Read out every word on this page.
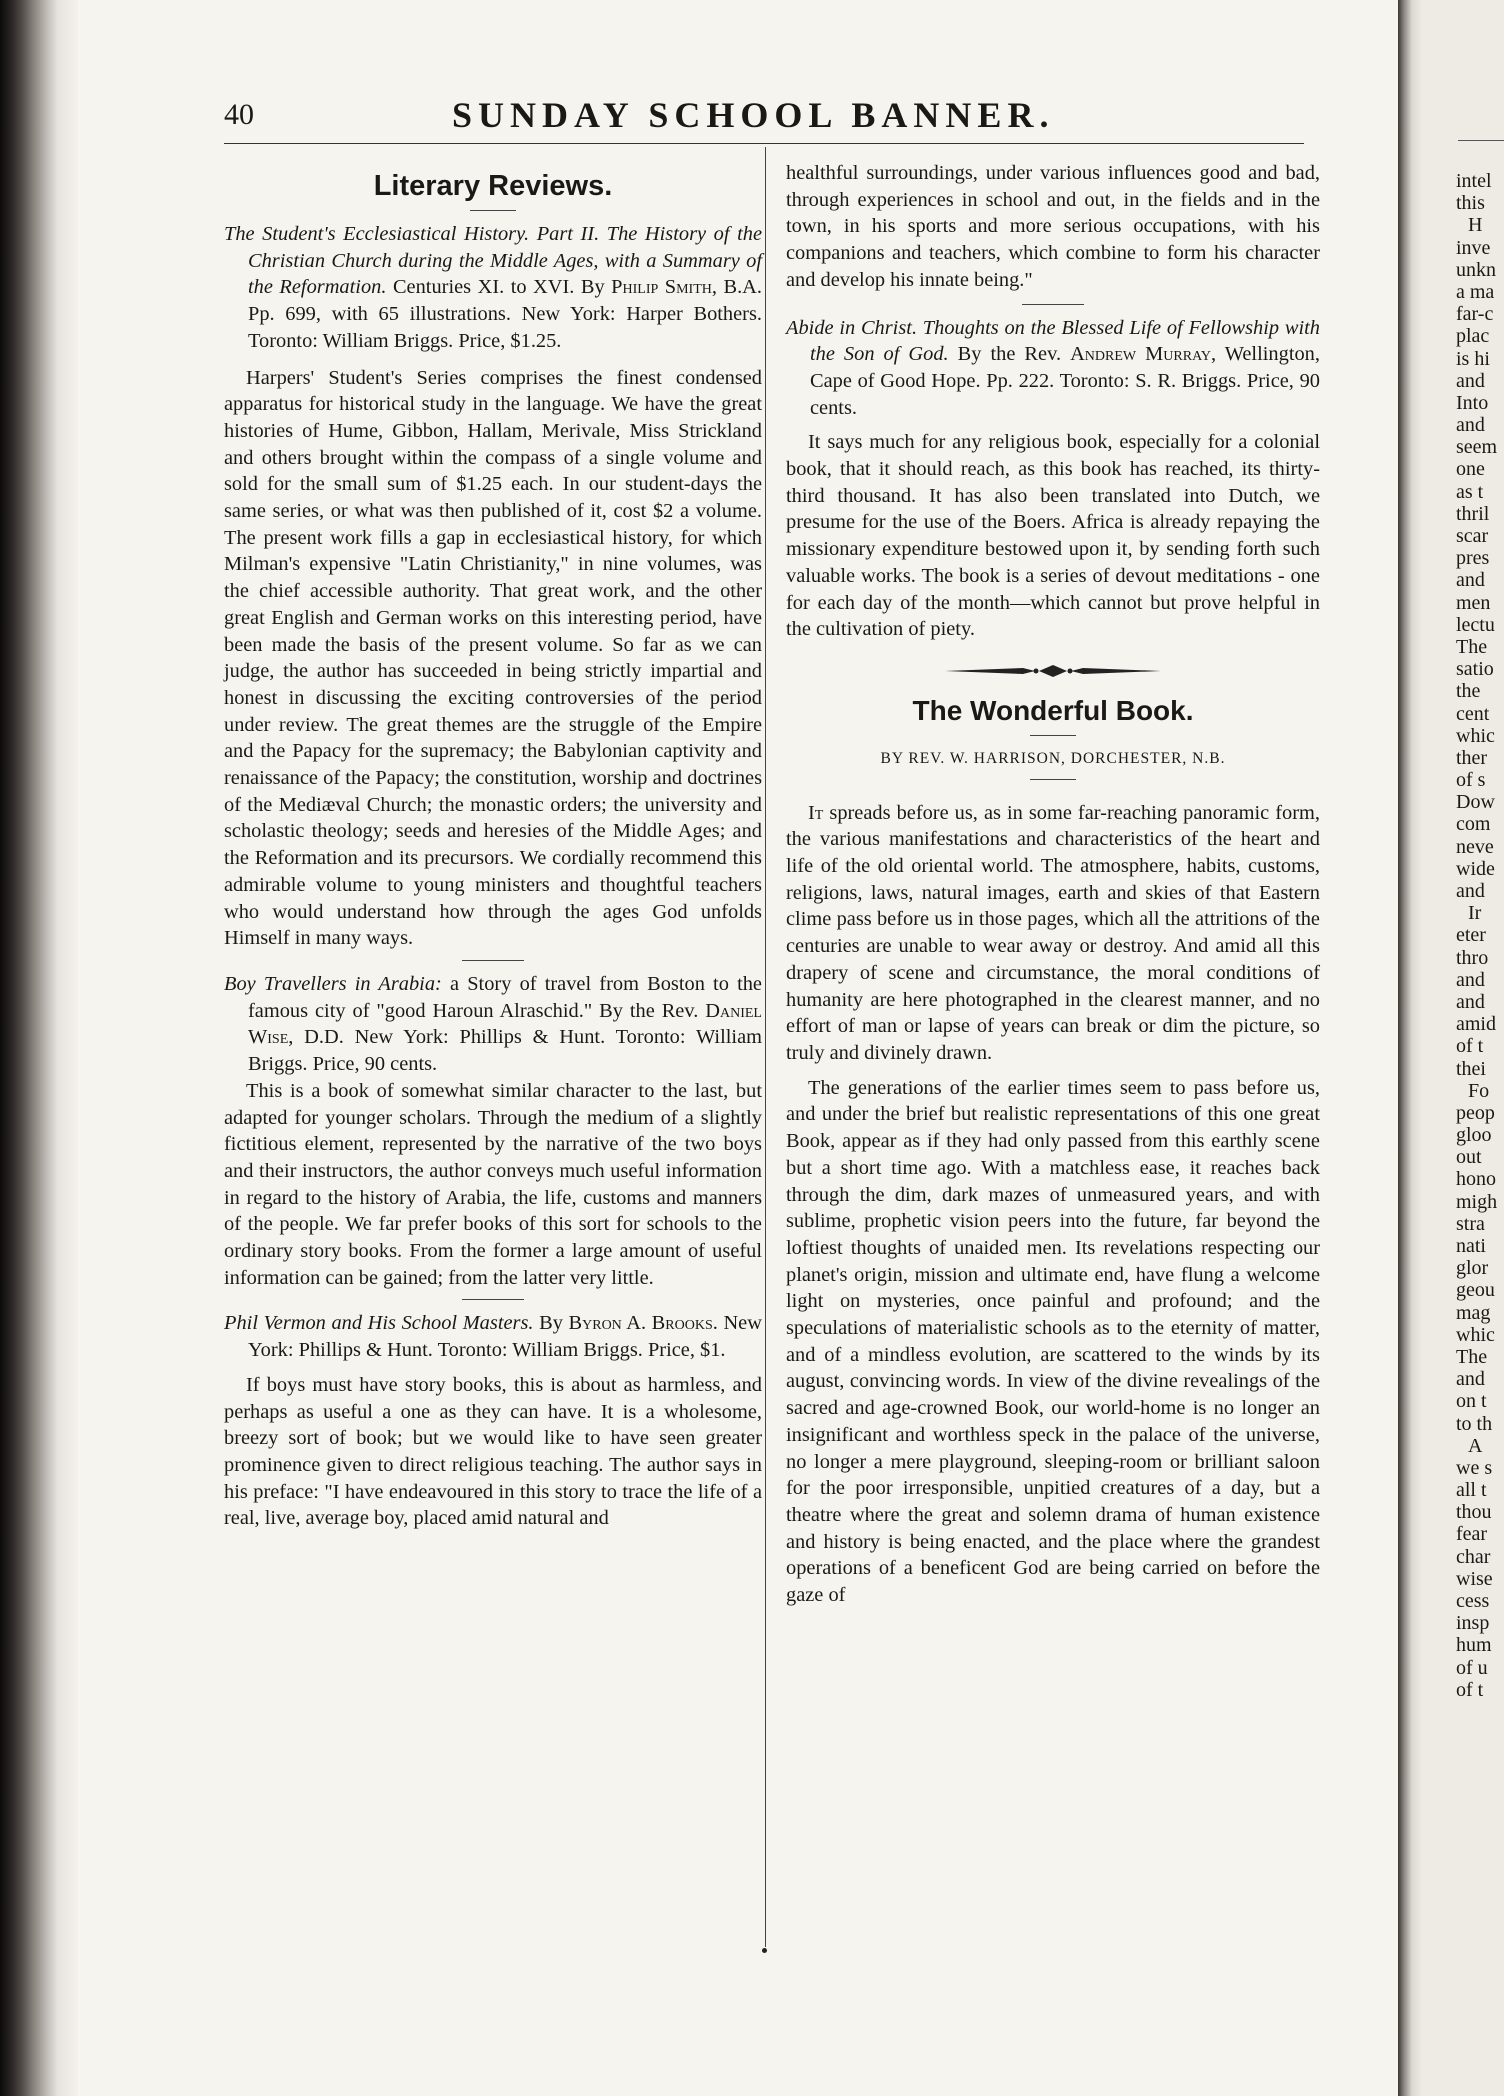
intel
this
H
inve
unkn
a ma
far-c
plac
is hi
and
Into
and
seem
one
as t
thril
scar
pres
and
men
lectu
The
satio
the
cent
whic
ther
of s
Dow
com
neve
wide
and
Ir
eter
thro
and
and
amid
of t
thei
Fo
peop
gloo
out
hono
migh
stra
nati
glor
geou
mag
whic
The
and
on t
to th
A
we s
all t
thou
fear
char
wise
cess
insp
hum
of u
of t
40	SUNDAY SCHOOL BANNER.
Literary Reviews.

The Student's Ecclesiastical History. Part II. The History of the Christian Church during the Middle Ages, with a Summary of the Reformation. Centuries XI. to XVI. By Philip Smith, B.A. Pp. 699, with 65 illustrations. New York: Harper Bothers. Toronto: William Briggs. Price, $1.25.

Harpers' Student's Series comprises the finest condensed apparatus for historical study in the language. We have the great histories of Hume, Gibbon, Hallam, Merivale, Miss Strickland and others brought within the compass of a single volume and sold for the small sum of $1.25 each. In our student-days the same series, or what was then published of it, cost $2 a volume. The present work fills a gap in ecclesiastical history, for which Milman's expensive "Latin Christianity," in nine volumes, was the chief accessible authority. That great work, and the other great English and German works on this interesting period, have been made the basis of the present volume. So far as we can judge, the author has succeeded in being strictly impartial and honest in discussing the exciting controversies of the period under review. The great themes are the struggle of the Empire and the Papacy for the supremacy; the Babylonian captivity and renaissance of the Papacy; the constitution, worship and doctrines of the Mediæval Church; the monastic orders; the university and scholastic theology; seeds and heresies of the Middle Ages; and the Reformation and its precursors. We cordially recommend this admirable volume to young ministers and thoughtful teachers who would understand how through the ages God unfolds Himself in many ways.

Boy Travellers in Arabia: a Story of travel from Boston to the famous city of "good Haroun Alraschid." By the Rev. Daniel Wise, D.D. New York: Phillips & Hunt. Toronto: William Briggs. Price, 90 cents.

This is a book of somewhat similar character to the last, but adapted for younger scholars. Through the medium of a slightly fictitious element, represented by the narrative of the two boys and their instructors, the author conveys much useful information in regard to the history of Arabia, the life, customs and manners of the people. We far prefer books of this sort for schools to the ordinary story books. From the former a large amount of useful information can be gained; from the latter very little.

Phil Vermon and His School Masters. By Byron A. Brooks. New York: Phillips & Hunt. Toronto: William Briggs. Price, $1.

If boys must have story books, this is about as harmless, and perhaps as useful a one as they can have. It is a wholesome, breezy sort of book; but we would like to have seen greater prominence given to direct religious teaching. The author says in his preface: "I have endeavoured in this story to trace the life of a real, live, average boy, placed amid natural and

healthful surroundings, under various influences good and bad, through experiences in school and out, in the fields and in the town, in his sports and more serious occupations, with his companions and teachers, which combine to form his character and develop his innate being."

Abide in Christ. Thoughts on the Blessed Life of Fellowship with the Son of God. By the Rev. Andrew Murray, Wellington, Cape of Good Hope. Pp. 222. Toronto: S. R. Briggs. Price, 90 cents.

It says much for any religious book, especially for a colonial book, that it should reach, as this book has reached, its thirty-third thousand. It has also been translated into Dutch, we presume for the use of the Boers. Africa is already repaying the missionary expenditure bestowed upon it, by sending forth such valuable works. The book is a series of devout meditations - one for each day of the month—which cannot but prove helpful in the cultivation of piety.

The Wonderful Book.
BY REV. W. HARRISON, DORCHESTER, N.B.

It spreads before us, as in some far-reaching panoramic form, the various manifestations and characteristics of the heart and life of the old oriental world. The atmosphere, habits, customs, religions, laws, natural images, earth and skies of that Eastern clime pass before us in those pages, which all the attritions of the centuries are unable to wear away or destroy. And amid all this drapery of scene and circumstance, the moral conditions of humanity are here photographed in the clearest manner, and no effort of man or lapse of years can break or dim the picture, so truly and divinely drawn.

The generations of the earlier times seem to pass before us, and under the brief but realistic representations of this one great Book, appear as if they had only passed from this earthly scene but a short time ago. With a matchless ease, it reaches back through the dim, dark mazes of unmeasured years, and with sublime, prophetic vision peers into the future, far beyond the loftiest thoughts of unaided men. Its revelations respecting our planet's origin, mission and ultimate end, have flung a welcome light on mysteries, once painful and profound; and the speculations of materialistic schools as to the eternity of matter, and of a mindless evolution, are scattered to the winds by its august, convincing words. In view of the divine revealings of the sacred and age-crowned Book, our world-home is no longer an insignificant and worthless speck in the palace of the universe, no longer a mere playground, sleeping-room or brilliant saloon for the poor irresponsible, unpitied creatures of a day, but a theatre where the great and solemn drama of human existence and history is being enacted, and the place where the grandest operations of a beneficent God are being carried on before the gaze of
